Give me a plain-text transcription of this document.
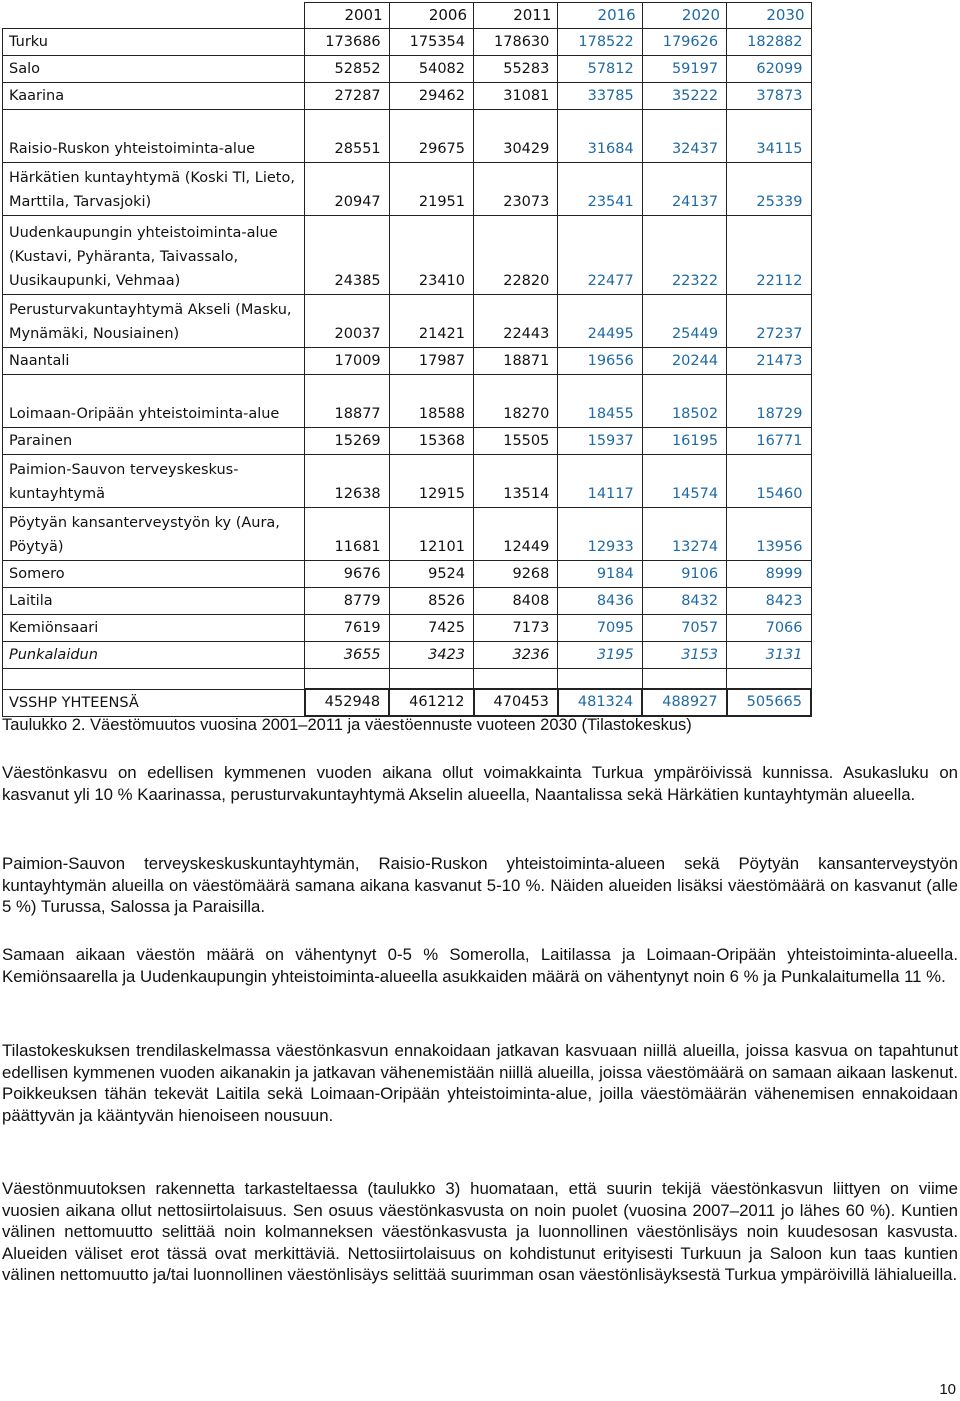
	2001	2006	2011	2016	2020	2030
Turku	173686	175354	178630	178522	179626	182882
Salo	52852	54082	55283	57812	59197	62099
Kaarina	27287	29462	31081	33785	35222	37873
Raisio-Ruskon yhteistoiminta-alue	28551	29675	30429	31684	32437	34115
Härkätien kuntayhtymä (Koski Tl, Lieto, Marttila, Tarvasjoki)	20947	21951	23073	23541	24137	25339
Uudenkaupungin yhteistoiminta-alue (Kustavi, Pyhäranta, Taivassalo, Uusikaupunki, Vehmaa)	24385	23410	22820	22477	22322	22112
Perusturvakuntayhtymä Akseli (Masku, Mynämäki, Nousiainen)	20037	21421	22443	24495	25449	27237
Naantali	17009	17987	18871	19656	20244	21473
Loimaan-Oripään yhteistoiminta-alue	18877	18588	18270	18455	18502	18729
Parainen	15269	15368	15505	15937	16195	16771
Paimion-Sauvon terveyskeskus-kuntayhtymä	12638	12915	13514	14117	14574	15460
Pöytyän kansanterveystyön ky (Aura, Pöytyä)	11681	12101	12449	12933	13274	13956
Somero	9676	9524	9268	9184	9106	8999
Laitila	8779	8526	8408	8436	8432	8423
Kemiönsaari	7619	7425	7173	7095	7057	7066
Punkalaidun	3655	3423	3236	3195	3153	3131

VSSHP YHTEENSÄ	452948	461212	470453	481324	488927	505665
Taulukko 2. Väestömuutos vuosina 2001–2011 ja väestöennuste vuoteen 2030 (Tilastokeskus)

Väestönkasvu on edellisen kymmenen vuoden aikana ollut voimakkainta Turkua ympäröivissä kunnissa. Asukasluku on kasvanut yli 10 % Kaarinassa, perusturvakuntayhtymä Akselin alueella, Naantalissa sekä Härkätien kuntayhtymän alueella.

Paimion-Sauvon terveyskeskuskuntayhtymän, Raisio-Ruskon yhteistoiminta-alueen sekä Pöytyän kansanterveystyön kuntayhtymän alueilla on väestömäärä samana aikana kasvanut 5-10 %. Näiden alueiden lisäksi väestömäärä on kasvanut (alle 5 %) Turussa, Salossa ja Paraisilla.

Samaan aikaan väestön määrä on vähentynyt 0-5 % Somerolla, Laitilassa ja Loimaan-Oripään yhteistoiminta-alueella. Kemiönsaarella ja Uudenkaupungin yhteistoiminta-alueella asukkaiden määrä on vähentynyt noin 6 % ja Punkalaitumella 11 %.

Tilastokeskuksen trendilaskelmassa väestönkasvun ennakoidaan jatkavan kasvuaan niillä alueilla, joissa kasvua on tapahtunut edellisen kymmenen vuoden aikanakin ja jatkavan vähenemistään niillä alueilla, joissa väestömäärä on samaan aikaan laskenut. Poikkeuksen tähän tekevät Laitila sekä Loimaan-Oripään yhteistoiminta-alue, joilla väestömäärän vähenemisen ennakoidaan päättyvän ja kääntyvän hienoiseen nousuun.

Väestönmuutoksen rakennetta tarkasteltaessa (taulukko 3) huomataan, että suurin tekijä väestönkasvun liittyen on viime vuosien aikana ollut nettosiirtolaisuus. Sen osuus väestönkasvusta on noin puolet (vuosina 2007–2011 jo lähes 60 %). Kuntien välinen nettomuutto selittää noin kolmanneksen väestönkasvusta ja luonnollinen väestönlisäys noin kuudesosan kasvusta. Alueiden väliset erot tässä ovat merkittäviä. Nettosiirtolaisuus on kohdistunut erityisesti Turkuun ja Saloon kun taas kuntien välinen nettomuutto ja/tai luonnollinen väestönlisäys selittää suurimman osan väestönlisäyksestä Turkua ympäröivillä lähialueilla.

10
